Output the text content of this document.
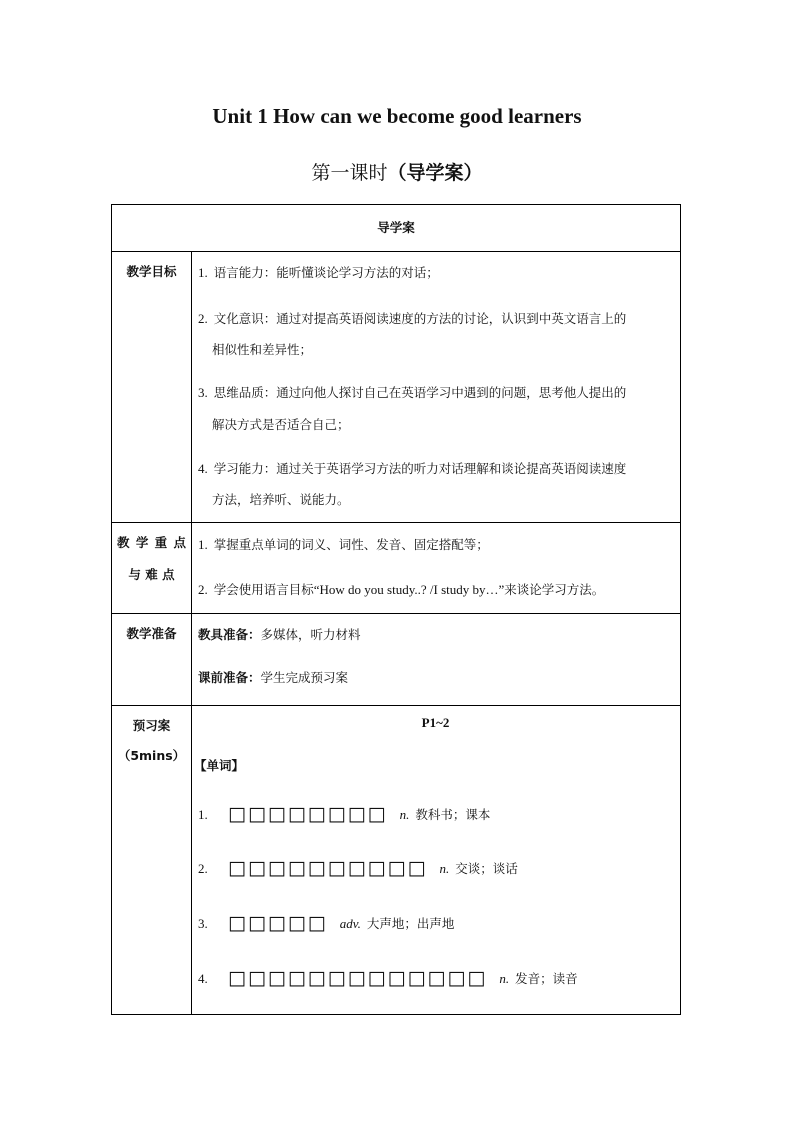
Unit 1 How can we become good learners
第一课时（导学案）
导学案
教学目标	1. 语言能力：能听懂谈论学习方法的对话；
2. 文化意识：通过对提高英语阅读速度的方法的讨论，认识到中英文语言上的
相似性和差异性；
3. 思维品质：通过向他人探讨自己在英语学习中遇到的问题，思考他人提出的
解决方式是否适合自己；
4. 学习能力：通过关于英语学习方法的听力对话理解和谈论提高英语阅读速度
方法，培养听、说能力。
教 学 重 点
与 难 点
1. 掌握重点单词的词义、词性、发音、固定搭配等；
2. 学会使用语言目标“How do you study..? /I study by…”来谈论学习方法。
教学准备	教具准备：多媒体，听力材料
课前准备：学生完成预习案
预习案
（5mins）
P1~2
【单词】
1. □□□□□□□□ n. 教科书；课本
2. □□□□□□□□□□ n. 交谈；谈话
3. □□□□□ adv. 大声地；出声地
4. □□□□□□□□□□□□□ n. 发音；读音
